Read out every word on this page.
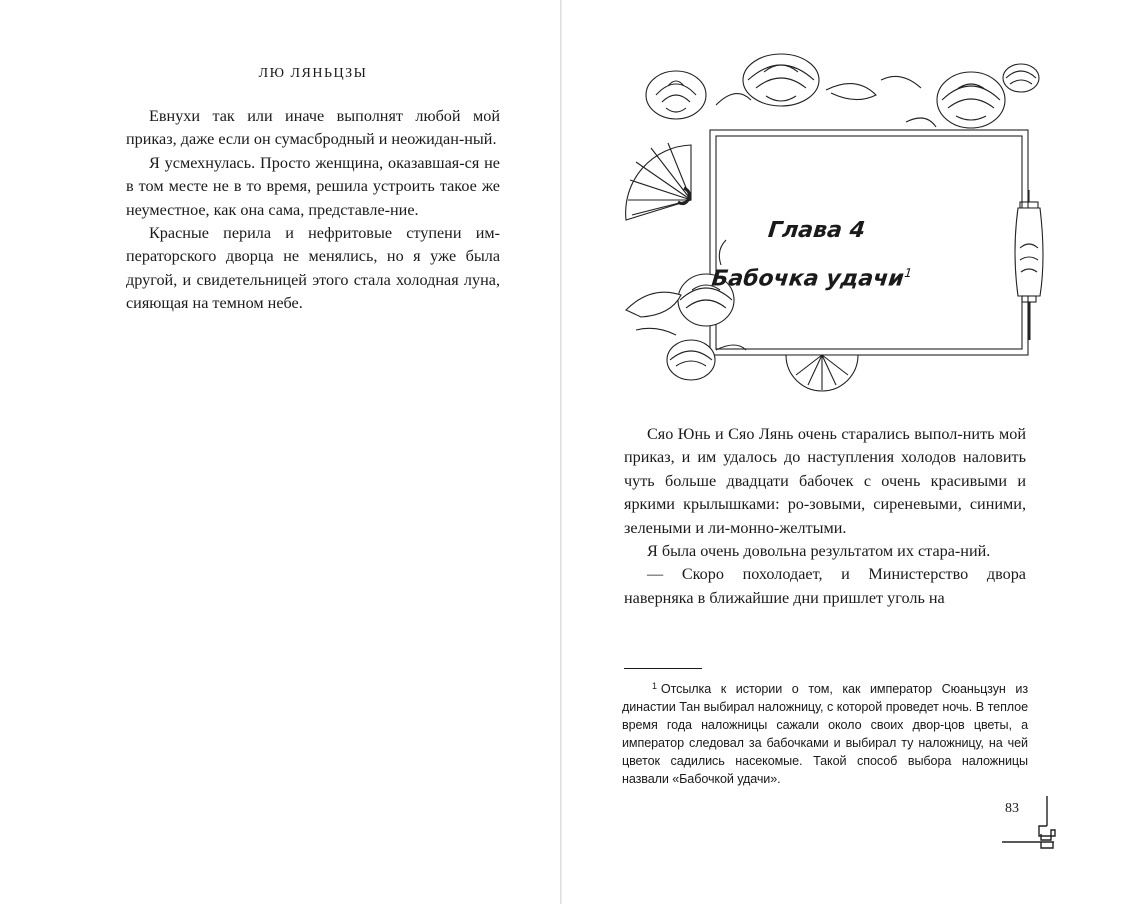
ЛЮ ЛЯНЬЦЗЫ

Евнухи так или иначе выполнят любой мой приказ, даже если он сумасбродный и неожидан-ный.

Я усмехнулась. Просто женщина, оказавшая-ся не в том месте не в то время, решила устроить такое же неуместное, как она сама, представле-ние.

Красные перила и нефритовые ступени им-ператорского дворца не менялись, но я уже была другой, и свидетельницей этого стала холодная луна, сияющая на темном небе.

Глава 4
Бабочка удачи$^1$

Сяо Юнь и Сяо Лянь очень старались выпол-нить мой приказ, и им удалось до наступления холодов наловить чуть больше двадцати бабочек с очень красивыми и яркими крылышками: ро-зовыми, сиреневыми, синими, зелеными и ли-монно-желтыми.

Я была очень довольна результатом их стара-ний.

— Скоро похолодает, и Министерство двора наверняка в ближайшие дни пришлет уголь на

$^1$ Отсылка к истории о том, как император Сюаньцзун из династии Тан выбирал наложницу, с которой проведет ночь. В теплое время года наложницы сажали около своих двор-цов цветы, а император следовал за бабочками и выбирал ту наложницу, на чей цветок садились насекомые. Такой способ выбора наложницы назвали «Бабочкой удачи».
83
